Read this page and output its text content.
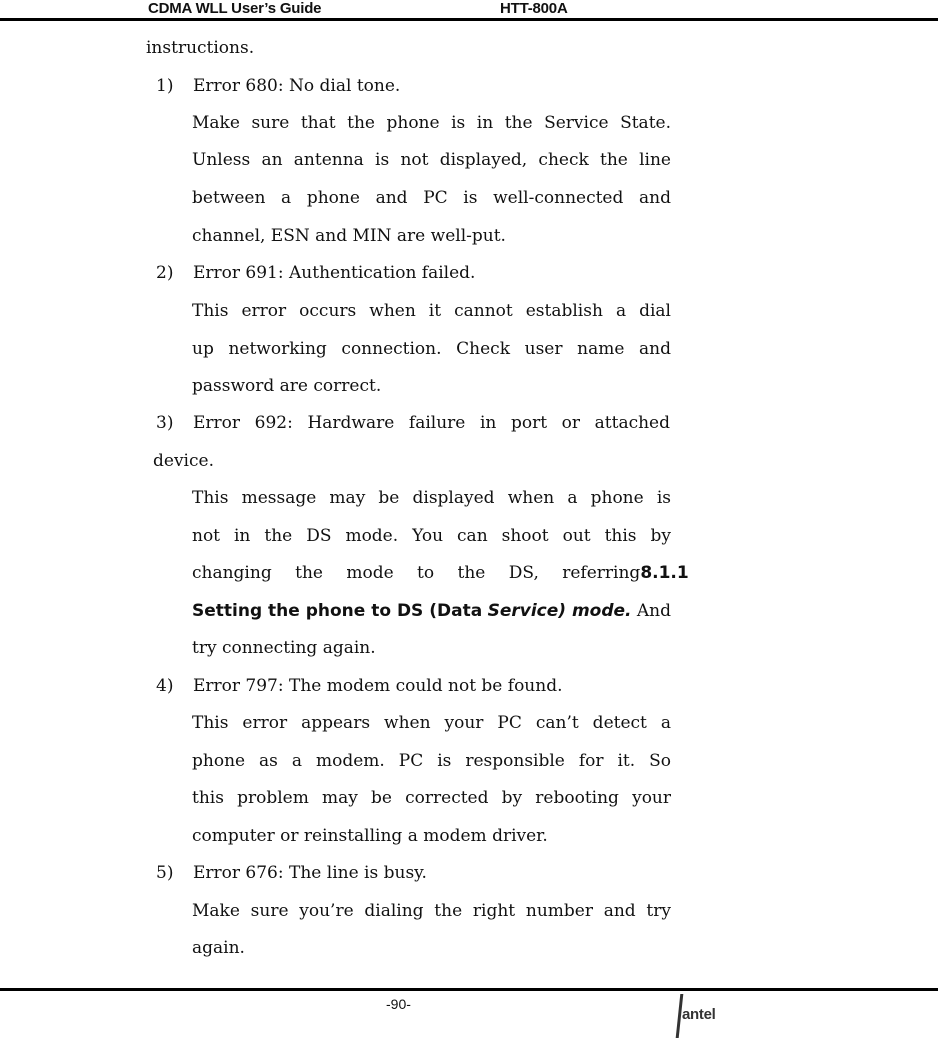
CDMA WLL User’s Guide	HTT-800A
instructions.
1) Error 680: No dial tone.
Make sure that the phone is in the Service State.
Unless an antenna is not displayed, check the line
between a phone and PC is well-connected and
channel, ESN and MIN are well-put.
2) Error 691: Authentication failed.
This error occurs when it cannot establish a dial
up networking connection. Check user name and
password are correct.
3) Error 692: Hardware failure in port or attached
device.
This message may be displayed when a phone is
not in the DS mode. You can shoot out this by
changing the mode to the DS, referring 8.1.1
Setting the phone to DS (Data Service) mode. And
try connecting again.
4) Error 797: The modem could not be found.
This error appears when your PC can’t detect a
phone as a modem. PC is responsible for it. So
this problem may be corrected by rebooting your
computer or reinstalling a modem driver.
5) Error 676: The line is busy.
Make sure you’re dialing the right number and try
again.
-90-
antel
